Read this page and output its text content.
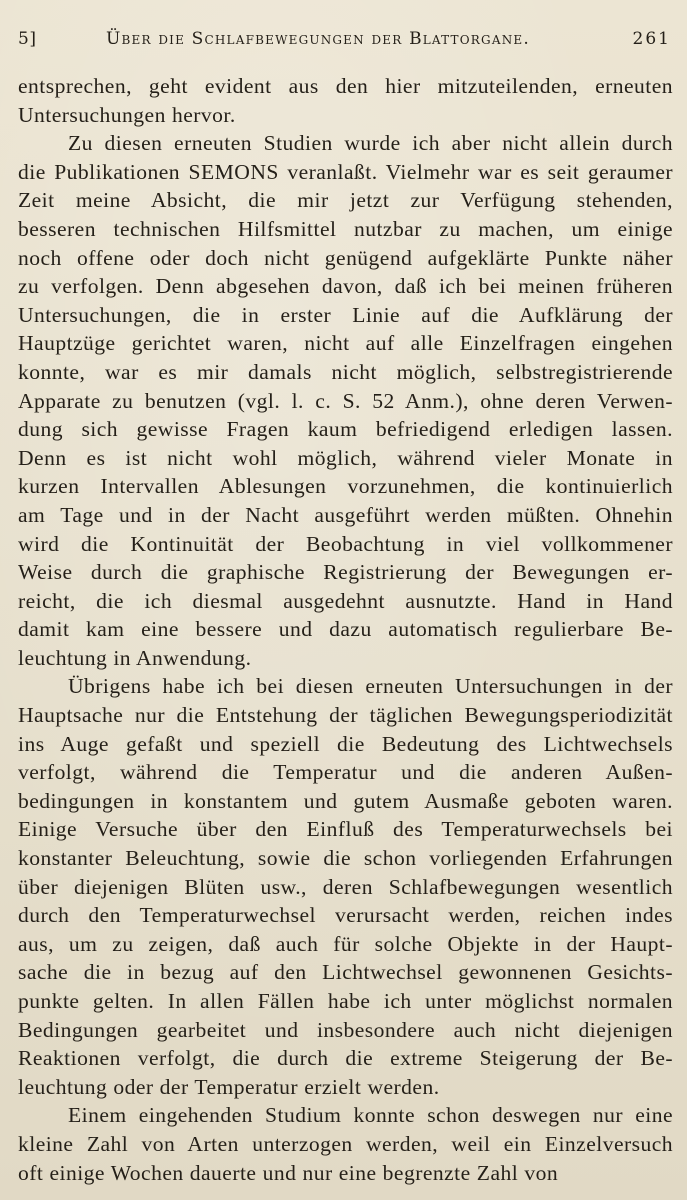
5]	Über die Schlafbewegungen der Blattorgane.	261
entsprechen, geht evident aus den hier mitzuteilenden, erneuten
Untersuchungen hervor.
Zu diesen erneuten Studien wurde ich aber nicht allein durch
die Publikationen SEMONS veranlaßt. Vielmehr war es seit geraumer
Zeit meine Absicht, die mir jetzt zur Verfügung stehenden,
besseren technischen Hilfsmittel nutzbar zu machen, um einige
noch offene oder doch nicht genügend aufgeklärte Punkte näher
zu verfolgen. Denn abgesehen davon, daß ich bei meinen früheren
Untersuchungen, die in erster Linie auf die Aufklärung der
Hauptzüge gerichtet waren, nicht auf alle Einzelfragen eingehen
konnte, war es mir damals nicht möglich, selbstregistrierende
Apparate zu benutzen (vgl. l. c. S. 52 Anm.), ohne deren Verwen-
dung sich gewisse Fragen kaum befriedigend erledigen lassen.
Denn es ist nicht wohl möglich, während vieler Monate in
kurzen Intervallen Ablesungen vorzunehmen, die kontinuierlich
am Tage und in der Nacht ausgeführt werden müßten. Ohnehin
wird die Kontinuität der Beobachtung in viel vollkommener
Weise durch die graphische Registrierung der Bewegungen er-
reicht, die ich diesmal ausgedehnt ausnutzte. Hand in Hand
damit kam eine bessere und dazu automatisch regulierbare Be-
leuchtung in Anwendung.
Übrigens habe ich bei diesen erneuten Untersuchungen in der
Hauptsache nur die Entstehung der täglichen Bewegungsperiodizität
ins Auge gefaßt und speziell die Bedeutung des Lichtwechsels
verfolgt, während die Temperatur und die anderen Außen-
bedingungen in konstantem und gutem Ausmaße geboten waren.
Einige Versuche über den Einfluß des Temperaturwechsels bei
konstanter Beleuchtung, sowie die schon vorliegenden Erfahrungen
über diejenigen Blüten usw., deren Schlafbewegungen wesentlich
durch den Temperaturwechsel verursacht werden, reichen indes
aus, um zu zeigen, daß auch für solche Objekte in der Haupt-
sache die in bezug auf den Lichtwechsel gewonnenen Gesichts-
punkte gelten. In allen Fällen habe ich unter möglichst normalen
Bedingungen gearbeitet und insbesondere auch nicht diejenigen
Reaktionen verfolgt, die durch die extreme Steigerung der Be-
leuchtung oder der Temperatur erzielt werden.
Einem eingehenden Studium konnte schon deswegen nur eine
kleine Zahl von Arten unterzogen werden, weil ein Einzelversuch
oft einige Wochen dauerte und nur eine begrenzte Zahl von
